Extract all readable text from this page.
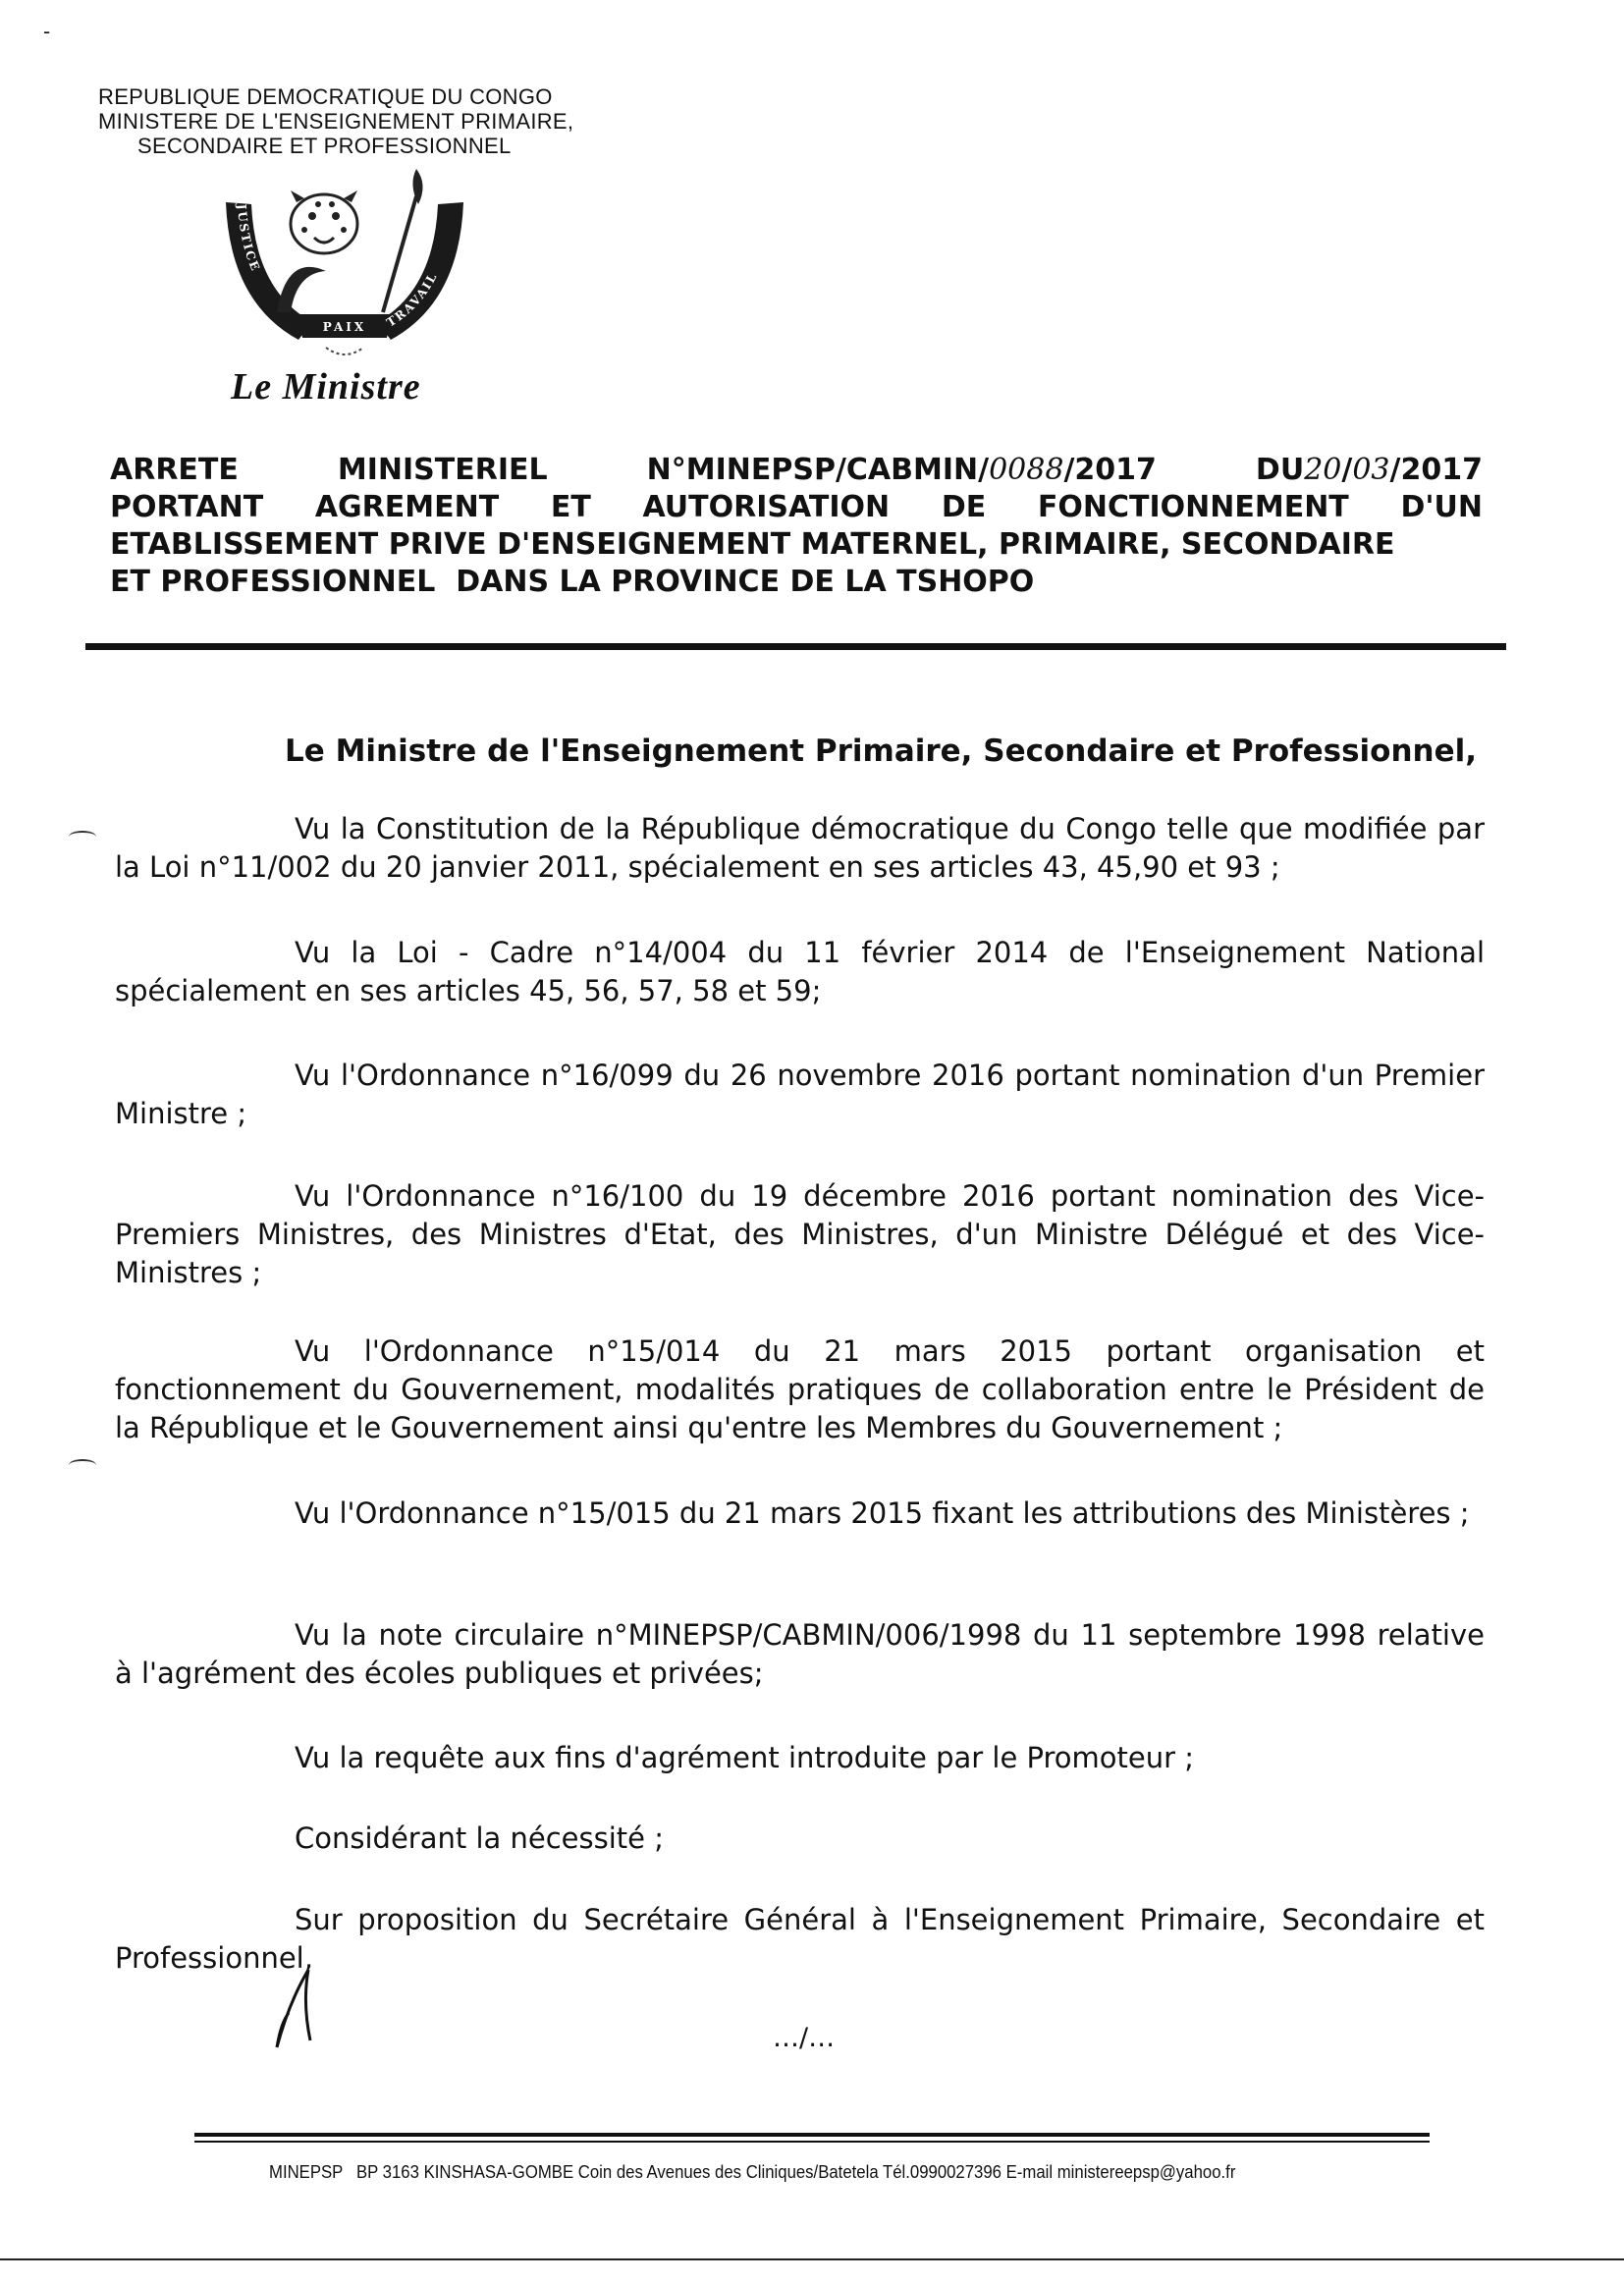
-
REPUBLIQUE DEMOCRATIQUE DU CONGO
MINISTERE DE L'ENSEIGNEMENT PRIMAIRE,
SECONDAIRE ET PROFESSIONNEL
JUSTICE
TRAVAIL
PAIX
Le Ministre
ARRETE	MINISTERIEL	N°MINEPSP/CABMIN/0088/2017	DU20/03/2017
PORTANT AGREMENT ET AUTORISATION DE FONCTIONNEMENT D'UN
ETABLISSEMENT PRIVE D'ENSEIGNEMENT MATERNEL, PRIMAIRE, SECONDAIRE
ET PROFESSIONNEL  DANS LA PROVINCE DE LA TSHOPO
Le Ministre de l'Enseignement Primaire, Secondaire et Professionnel,

Vu la Constitution de la République démocratique du Congo telle que modifiée par la Loi n°11/002 du 20 janvier 2011, spécialement en ses articles 43, 45,90 et 93 ;

Vu la Loi - Cadre n°14/004 du 11 février 2014 de l'Enseignement National spécialement en ses articles 45, 56, 57, 58 et 59;

Vu l'Ordonnance n°16/099 du 26 novembre 2016 portant nomination d'un Premier Ministre ;

Vu l'Ordonnance n°16/100 du 19 décembre 2016 portant nomination des Vice-Premiers Ministres, des Ministres d'Etat, des Ministres, d'un Ministre Délégué et des Vice-Ministres ;

Vu l'Ordonnance n°15/014 du 21 mars 2015 portant organisation et fonctionnement du Gouvernement, modalités pratiques de collaboration entre le Président de la République et le Gouvernement ainsi qu'entre les Membres du Gouvernement ;

Vu l'Ordonnance n°15/015 du 21 mars 2015 fixant les attributions des Ministères ;

Vu la note circulaire n°MINEPSP/CABMIN/006/1998 du 11 septembre 1998 relative à l'agrément des écoles publiques et privées;

Vu la requête aux fins d'agrément introduite par le Promoteur ;

Considérant la nécessité ;

Sur proposition du Secrétaire Général à l'Enseignement Primaire, Secondaire et Professionnel,

…/…
MINEPSP   BP 3163 KINSHASA-GOMBE Coin des Avenues des Cliniques/Batetela Tél.0990027396 E-mail ministereepsp@yahoo.fr
